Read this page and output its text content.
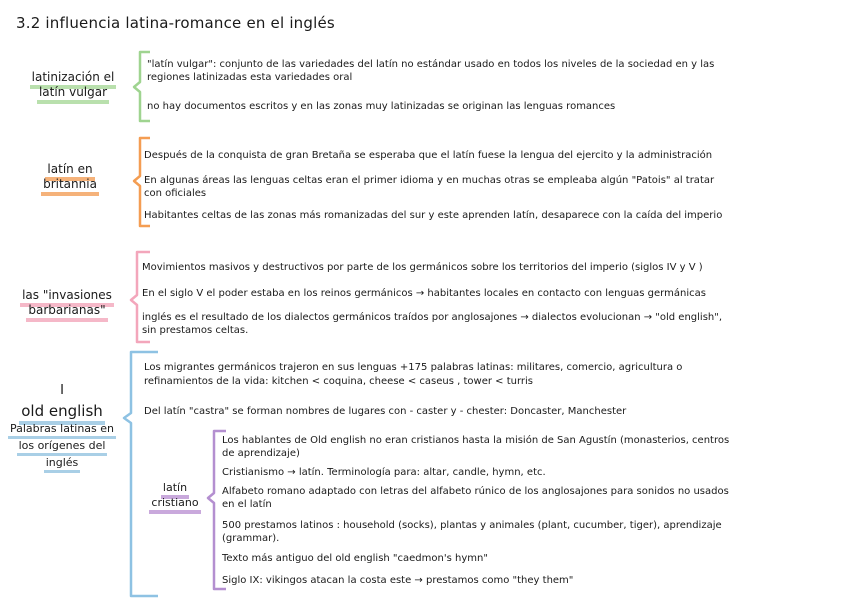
3.2 influencia latina-romance en el inglés
latinización el
latín vulgar
"latín vulgar": conjunto de las variedades del latín no estándar usado en todos los niveles de la sociedad en y las
regiones latinizadas esta variedades oral
no hay documentos escritos y en las zonas muy latinizadas se originan las lenguas romances
latín en
britannia
Después de la conquista de gran Bretaña se esperaba que el latín fuese la lengua del ejercito y la administración
En algunas áreas las lenguas celtas eran el primer idioma y en muchas otras se empleaba algún "Patois" al tratar
con oficiales
Habitantes celtas de las zonas más romanizadas del sur y este aprenden latín, desaparece con la caída del imperio
las "invasiones
barbarianas"
Movimientos masivos y destructivos por parte de los germánicos sobre los territorios del imperio (siglos IV y V )
En el siglo V el poder estaba en los reinos germánicos → habitantes locales en contacto con lenguas germánicas
inglés es el resultado de los dialectos germánicos traídos por anglosajones → dialectos evolucionan → "old english",
sin prestamos celtas.
I
old english
Palabras latinas en
los orígenes del
inglés
Los migrantes germánicos trajeron en sus lenguas +175 palabras latinas: militares, comercio, agricultura o
refinamientos de la vida: kitchen < coquina, cheese < caseus , tower < turris
Del latín "castra" se forman nombres de lugares con - caster y - chester: Doncaster, Manchester
latín
cristiano
Los hablantes de Old english no eran cristianos hasta la misión de San Agustín (monasterios, centros
de aprendizaje)
Cristianismo → latín. Terminología para: altar, candle, hymn, etc.
Alfabeto romano adaptado con letras del alfabeto rúnico de los anglosajones para sonidos no usados
en el latín
500 prestamos latinos : household (socks), plantas y animales (plant, cucumber, tiger), aprendizaje
(grammar).
Texto más antiguo del old english "caedmon's hymn"
Siglo IX: vikingos atacan la costa este → prestamos como "they them"
